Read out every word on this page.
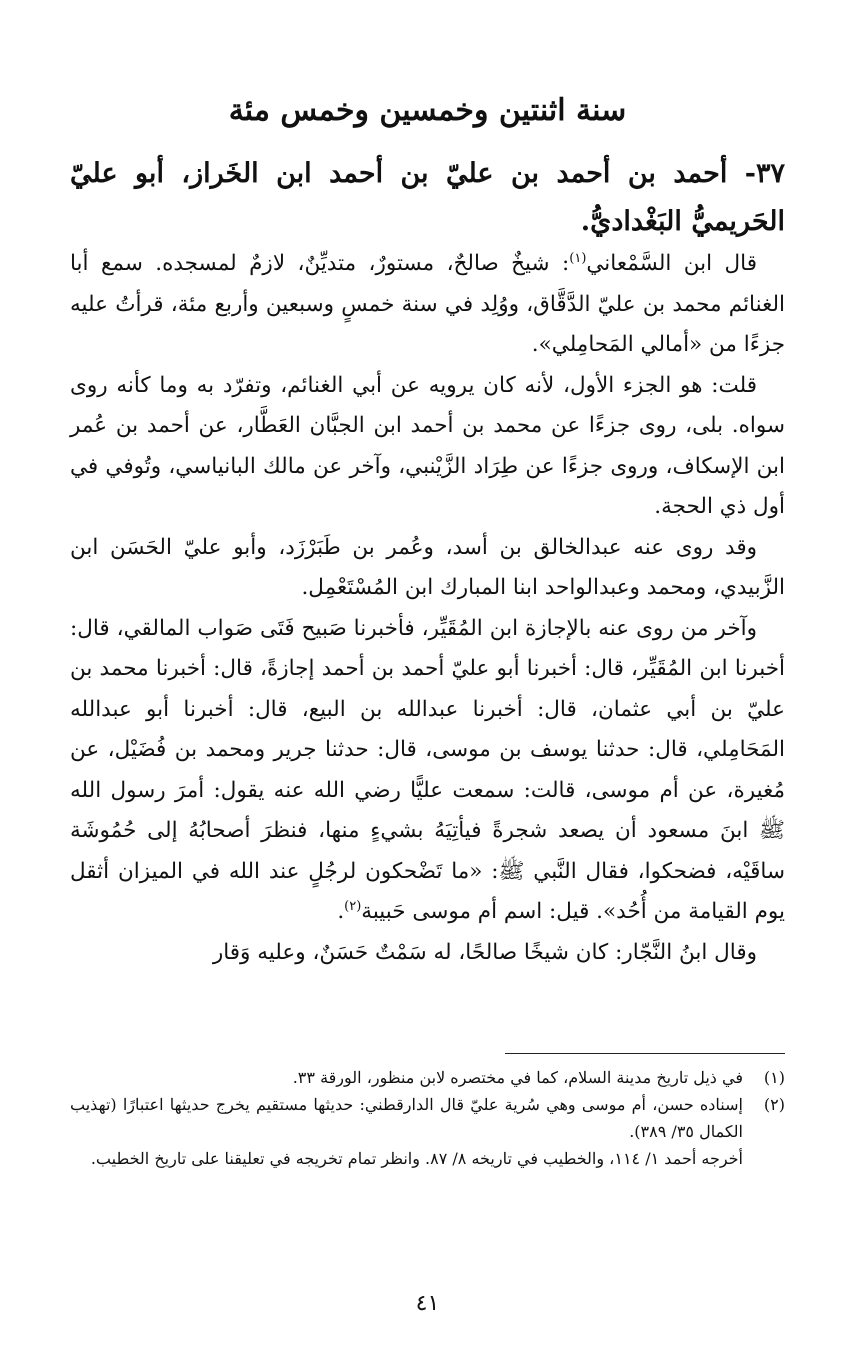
سنة اثنتين وخمسين وخمس مئة
٣٧- أحمد بن أحمد بن عليّ بن أحمد ابن الخَراز، أبو عليّ الحَريميُّ البَغْداديُّ.

قال ابن السَّمْعاني$^{(١)}$: شيخٌ صالحٌ، مستورٌ، متديِّنٌ، لازمٌ لمسجده. سمع أبا الغنائم محمد بن عليّ الدَّقَّاق، ووُلِد في سنة خمسٍ وسبعين وأربع مئة، قرأتُ عليه جزءًا من «أمالي المَحامِلي».

قلت: هو الجزء الأول، لأنه كان يرويه عن أبي الغنائم، وتفرّد به وما كأنه روى سواه. بلى، روى جزءًا عن محمد بن أحمد ابن الجبَّان العَطَّار، عن أحمد بن عُمر ابن الإسكاف، وروى جزءًا عن طِرَاد الزَّيْنبي، وآخر عن مالك البانياسي، وتُوفي في أول ذي الحجة.

وقد روى عنه عبدالخالق بن أسد، وعُمر بن طَبَرْزَد، وأبو عليّ الحَسَن ابن الزَّبيدي، ومحمد وعبدالواحد ابنا المبارك ابن المُسْتَعْمِل.

وآخر من روى عنه بالإجازة ابن المُقَيِّر، فأخبرنا صَبيح فَتَى صَواب المالقي، قال: أخبرنا ابن المُقَيِّر، قال: أخبرنا أبو عليّ أحمد بن أحمد إجازةً، قال: أخبرنا محمد بن عليّ بن أبي عثمان، قال: أخبرنا عبدالله بن البيع، قال: أخبرنا أبو عبدالله المَحَامِلي، قال: حدثنا يوسف بن موسى، قال: حدثنا جرير ومحمد بن فُضَيْل، عن مُغيرة، عن أم موسى، قالت: سمعت عليًّا رضي الله عنه يقول: أمرَ رسول الله ﷺ ابنَ مسعود أن يصعد شجرةً فيأتِيَهُ بشيءٍ منها، فنظرَ أصحابُهُ إلى حُمُوشَة ساقَيْه، فضحكوا، فقال النَّبي ﷺ: «ما تَضْحكون لرجُلٍ عند الله في الميزان أثقل يوم القيامة من أُحُد». قيل: اسم أم موسى حَبيبة$^{(٢)}$.

وقال ابنُ النَّجّار: كان شيخًا صالحًا، له سَمْتٌ حَسَنٌ، وعليه وَقار

(١)
في ذيل تاريخ مدينة السلام، كما في مختصره لابن منظور، الورقة ٣٣.
(٢)
إسناده حسن، أم موسى وهي سُرية عليّ قال الدارقطني: حديثها مستقيم يخرج حديثها اعتبارًا (تهذيب الكمال ٣٥/ ٣٨٩).

أخرجه أحمد ١/ ١١٤، والخطيب في تاريخه ٨/ ٨٧. وانظر تمام تخريجه في تعليقنا على تاريخ الخطيب.

٤١
